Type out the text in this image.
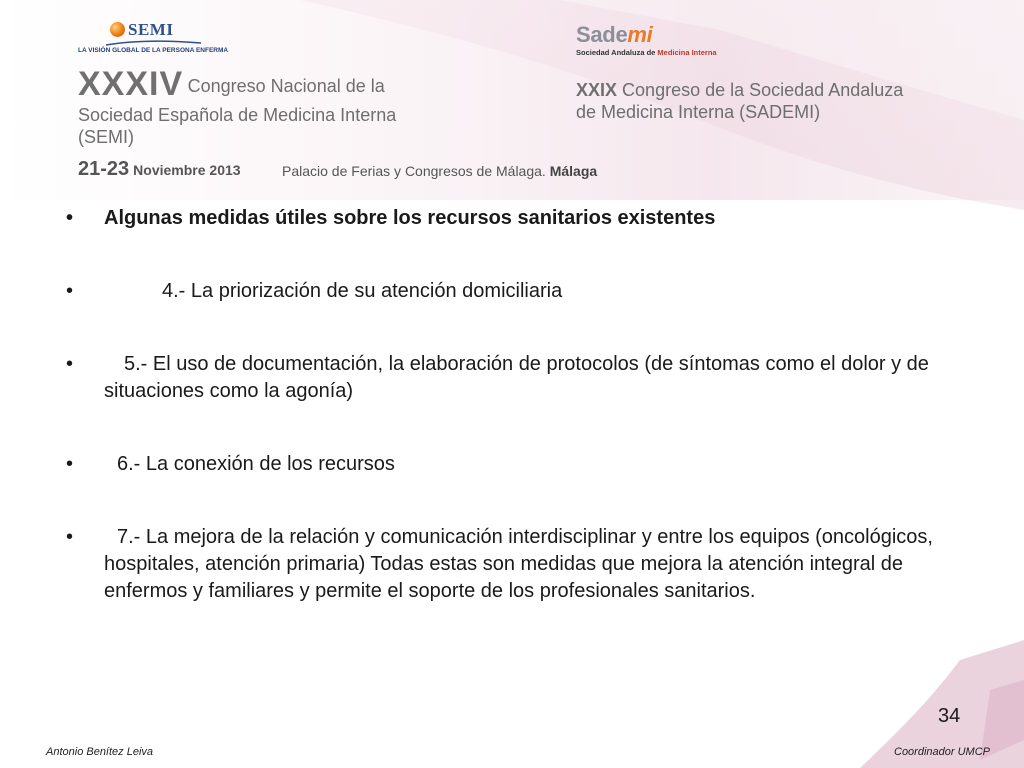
SEMI
LA VISIÓN GLOBAL DE LA PERSONA ENFERMA
Sademi
Sociedad Andaluza de Medicina Interna
XXXIV Congreso Nacional de la
Sociedad Española de Medicina Interna
(SEMI)
XXIX Congreso de la Sociedad Andaluza
de Medicina Interna (SADEMI)
21-23 Noviembre 2013	Palacio de Ferias y Congresos de Málaga. Málaga
• Algunas medidas útiles sobre los recursos sanitarios existentes
•	4.- La priorización de su atención domiciliaria
•	5.- El uso de documentación, la elaboración de protocolos (de síntomas como el dolor y de situaciones como la agonía)
• 6.- La conexión de los recursos
• 7.- La mejora de la relación y comunicación interdisciplinar y entre los equipos (oncológicos, hospitales, atención primaria) Todas estas son medidas que mejora la atención integral de enfermos y familiares y permite el soporte de los profesionales sanitarios.
34
Antonio Benítez Leiva	Coordinador UMCP
